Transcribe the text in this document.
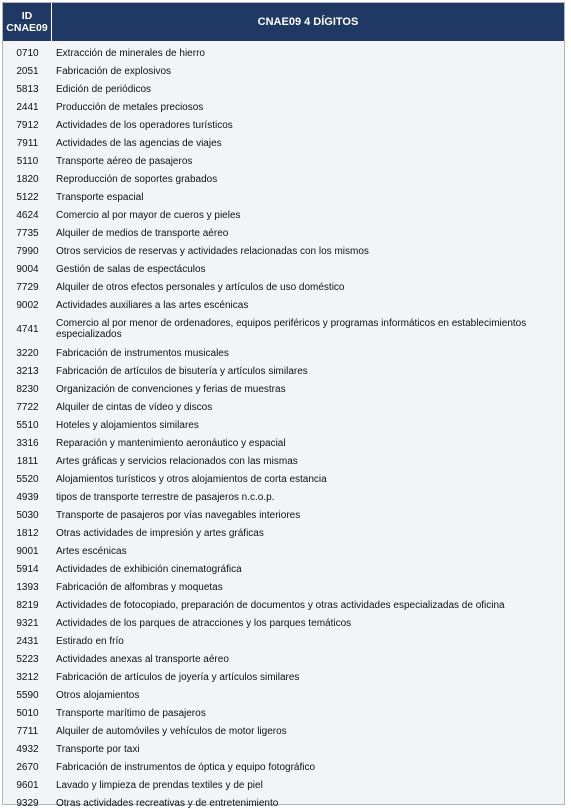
ID
CNAE09	CNAE09 4 DÍGITOS
0710	Extracción de minerales de hierro
2051	Fabricación de explosivos
5813	Edición de periódicos
2441	Producción de metales preciosos
7912	Actividades de los operadores turísticos
7911	Actividades de las agencias de viajes
5110	Transporte aéreo de pasajeros
1820	Reproducción de soportes grabados
5122	Transporte espacial
4624	Comercio al por mayor de cueros y pieles
7735	Alquiler de medios de transporte aéreo
7990	Otros servicios de reservas y actividades relacionadas con los mismos
9004	Gestión de salas de espectáculos
7729	Alquiler de otros efectos personales y artículos de uso doméstico
9002	Actividades auxiliares a las artes escénicas
4741	Comercio al por menor de ordenadores, equipos periféricos y programas informáticos en establecimientos especializados
3220	Fabricación de instrumentos musicales
3213	Fabricación de artículos de bisutería y artículos similares
8230	Organización de convenciones y ferias de muestras
7722	Alquiler de cintas de vídeo y discos
5510	Hoteles y alojamientos similares
3316	Reparación y mantenimiento aeronáutico y espacial
1811	Artes gráficas y servicios relacionados con las mismas
5520	Alojamientos turísticos y otros alojamientos de corta estancia
4939	tipos de transporte terrestre de pasajeros n.c.o.p.
5030	Transporte de pasajeros por vías navegables interiores
1812	Otras actividades de impresión y artes gráficas
9001	Artes escénicas
5914	Actividades de exhibición cinematográfica
1393	Fabricación de alfombras y moquetas
8219	Actividades de fotocopiado, preparación de documentos y otras actividades especializadas de oficina
9321	Actividades de los parques de atracciones y los parques temáticos
2431	Estirado en frío
5223	Actividades anexas al transporte aéreo
3212	Fabricación de artículos de joyería y artículos similares
5590	Otros alojamientos
5010	Transporte marítimo de pasajeros
7711	Alquiler de automóviles y vehículos de motor ligeros
4932	Transporte por taxi
2670	Fabricación de instrumentos de óptica y equipo fotográfico
9601	Lavado y limpieza de prendas textiles y de piel
9329	Otras actividades recreativas y de entretenimiento
